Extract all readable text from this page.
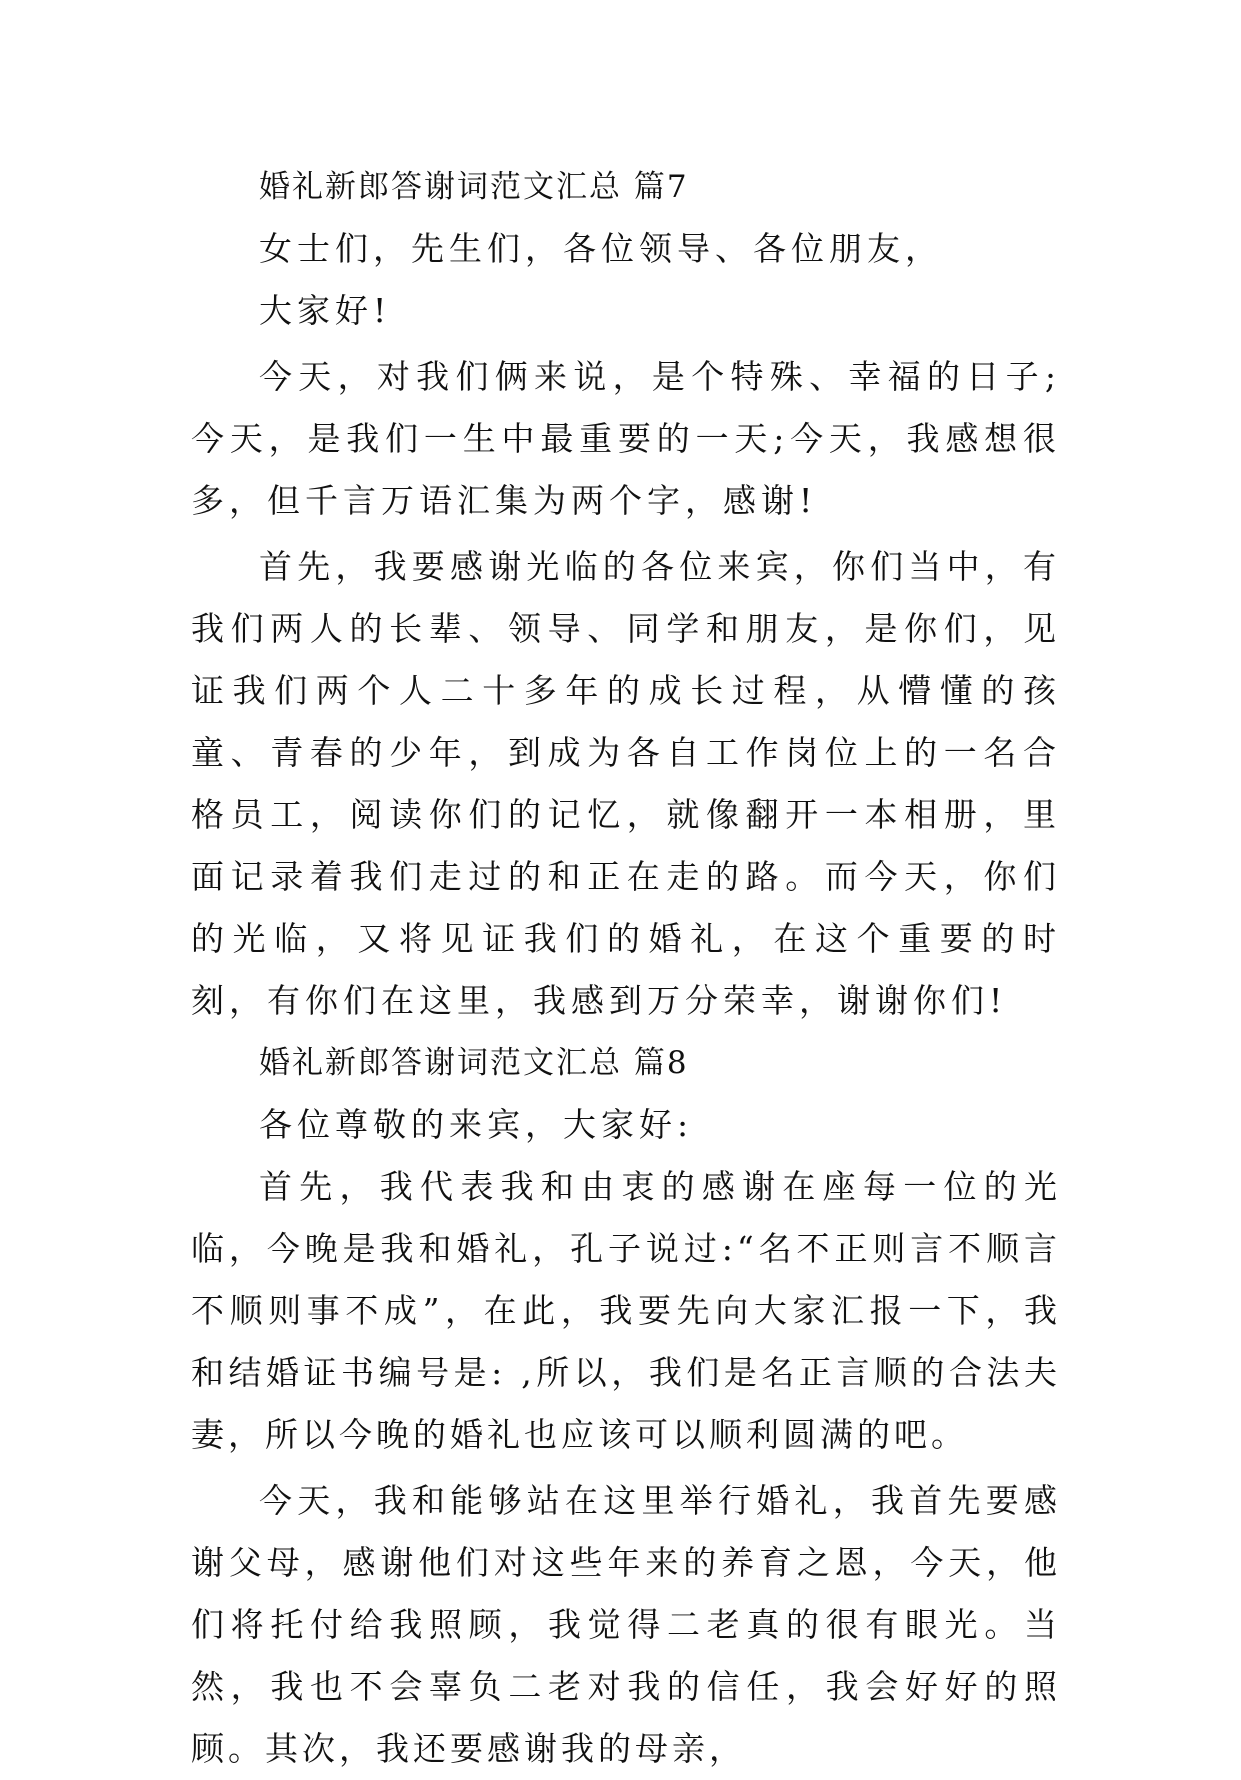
婚礼新郎答谢词范文汇总 篇7

女士们，先生们，各位领导、各位朋友，

大家好!

今天，对我们俩来说，是个特殊、幸福的日子;今天，是我们一生中最重要的一天;今天，我感想很多，但千言万语汇集为两个字，感谢!

首先，我要感谢光临的各位来宾，你们当中，有我们两人的长辈、领导、同学和朋友，是你们，见证我们两个人二十多年的成长过程，从懵懂的孩童、青春的少年，到成为各自工作岗位上的一名合格员工，阅读你们的记忆，就像翻开一本相册，里面记录着我们走过的和正在走的路。而今天，你们的光临，又将见证我们的婚礼，在这个重要的时刻，有你们在这里，我感到万分荣幸，谢谢你们!

婚礼新郎答谢词范文汇总 篇8

各位尊敬的来宾，大家好:

首先，我代表我和由衷的感谢在座每一位的光临，今晚是我和婚礼，孔子说过:“名不正则言不顺言不顺则事不成”，在此，我要先向大家汇报一下，我和结婚证书编号是: ,所以，我们是名正言顺的合法夫妻，所以今晚的婚礼也应该可以顺利圆满的吧。

今天，我和能够站在这里举行婚礼，我首先要感谢父母，感谢他们对这些年来的养育之恩，今天，他们将托付给我照顾，我觉得二老真的很有眼光。当然，我也不会辜负二老对我的信任，我会好好的照顾。其次，我还要感谢我的母亲，
